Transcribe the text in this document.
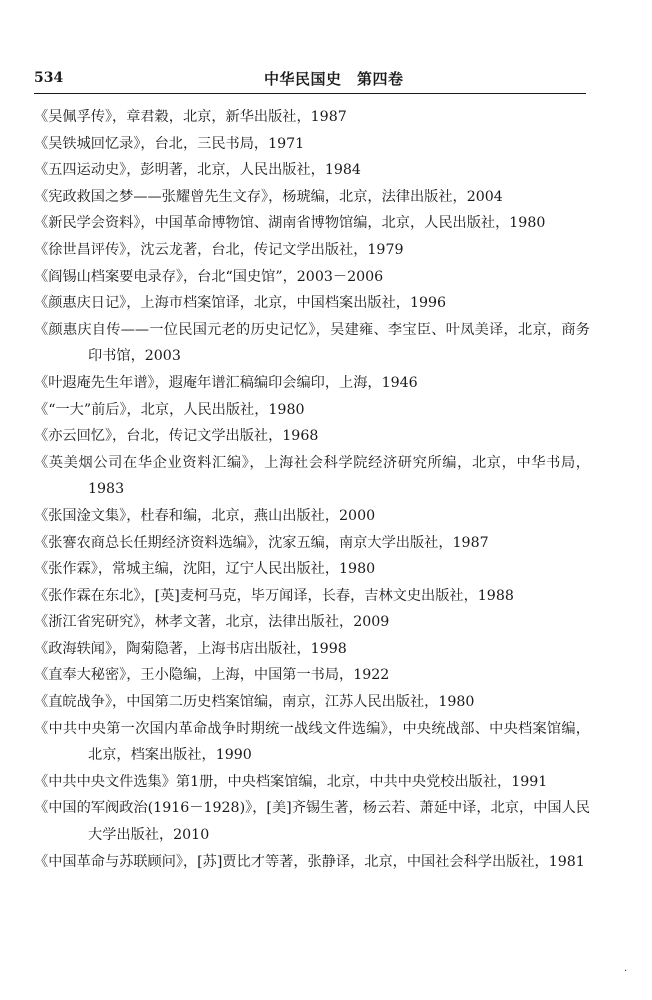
534	中华民国史　第四卷
《吴佩孚传》，章君穀，北京，新华出版社，1987
《吴铁城回忆录》，台北，三民书局，1971
《五四运动史》，彭明著，北京，人民出版社，1984
《宪政救国之梦——张耀曾先生文存》，杨琥编，北京，法律出版社，2004
《新民学会资料》，中国革命博物馆、湖南省博物馆编，北京，人民出版社，1980
《徐世昌评传》，沈云龙著，台北，传记文学出版社，1979
《阎锡山档案要电录存》，台北“国史馆”，2003－2006
《颜惠庆日记》，上海市档案馆译，北京，中国档案出版社，1996
《颜惠庆自传——一位民国元老的历史记忆》，吴建雍、李宝臣、叶凤美译，北京，商务印书馆，2003
《叶遐庵先生年谱》，遐庵年谱汇稿编印会编印，上海，1946
《“一大”前后》，北京，人民出版社，1980
《亦云回忆》，台北，传记文学出版社，1968
《英美烟公司在华企业资料汇编》，上海社会科学院经济研究所编，北京，中华书局，1983
《张国淦文集》，杜春和编，北京，燕山出版社，2000
《张謇农商总长任期经济资料选编》，沈家五编，南京大学出版社，1987
《张作霖》，常城主编，沈阳，辽宁人民出版社，1980
《张作霖在东北》，[英]麦柯马克，毕万闻译，长春，吉林文史出版社，1988
《浙江省宪研究》，林孝文著，北京，法律出版社，2009
《政海轶闻》，陶菊隐著，上海书店出版社，1998
《直奉大秘密》，王小隐编，上海，中国第一书局，1922
《直皖战争》，中国第二历史档案馆编，南京，江苏人民出版社，1980
《中共中央第一次国内革命战争时期统一战线文件选编》，中央统战部、中央档案馆编，北京，档案出版社，1990
《中共中央文件选集》第1册，中央档案馆编，北京，中共中央党校出版社，1991
《中国的军阀政治(1916－1928)》，[美]齐锡生著，杨云若、萧延中译，北京，中国人民大学出版社，2010
《中国革命与苏联顾问》，[苏]贾比才等著，张静译，北京，中国社会科学出版社，1981
·
